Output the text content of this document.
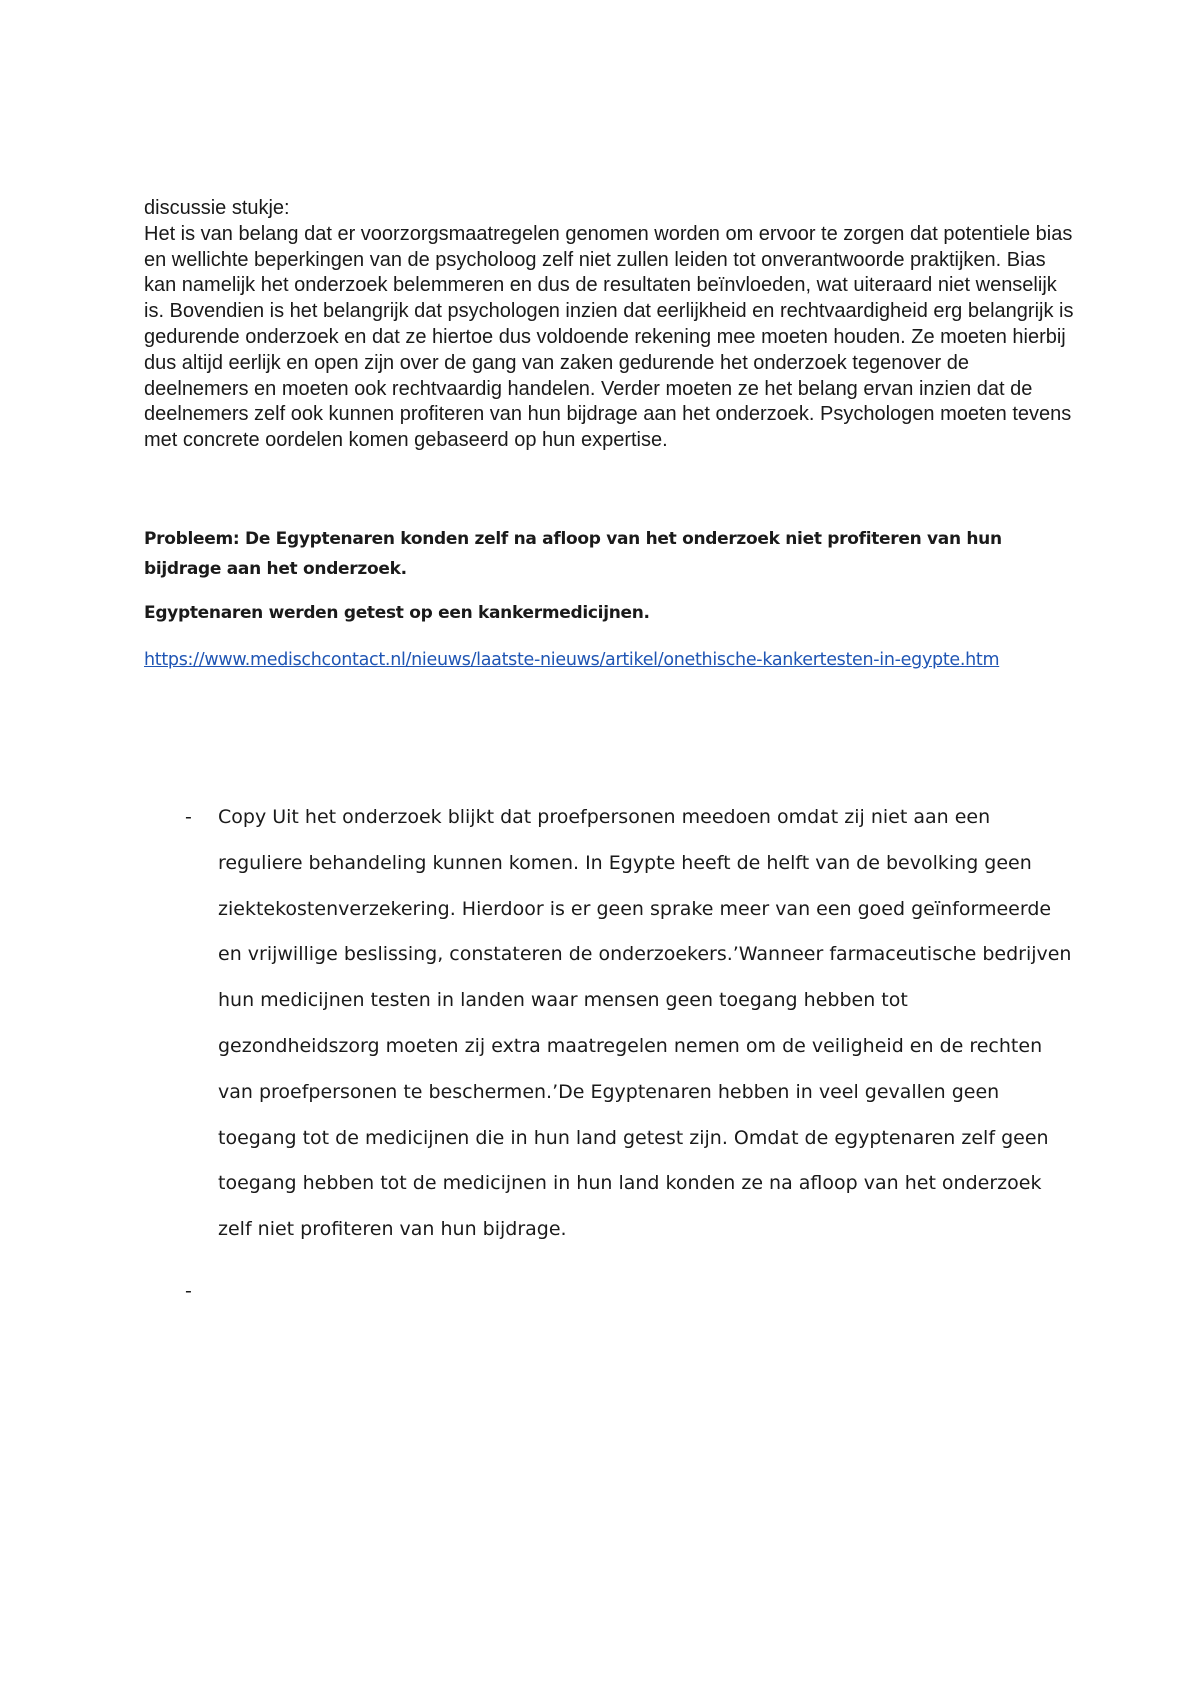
discussie stukje:

Het is van belang dat er voorzorgsmaatregelen genomen worden om ervoor te zorgen dat potentiele bias en wellichte beperkingen van de psycholoog zelf niet zullen leiden tot onverantwoorde praktijken. Bias kan namelijk het onderzoek belemmeren en dus de resultaten beïnvloeden, wat uiteraard niet wenselijk is. Bovendien is het belangrijk dat psychologen inzien dat eerlijkheid en rechtvaardigheid erg belangrijk is gedurende onderzoek en dat ze hiertoe dus voldoende rekening mee moeten houden. Ze moeten hierbij dus altijd eerlijk en open zijn over de gang van zaken gedurende het onderzoek tegenover de deelnemers en moeten ook rechtvaardig handelen. Verder moeten ze het belang ervan inzien dat de deelnemers zelf ook kunnen profiteren van hun bijdrage aan het onderzoek. Psychologen moeten tevens met concrete oordelen komen gebaseerd op hun expertise.

Probleem: De Egyptenaren konden zelf na afloop van het onderzoek niet profiteren van hun bijdrage aan het onderzoek.

Egyptenaren werden getest op een kankermedicijnen.

https://www.medischcontact.nl/nieuws/laatste-nieuws/artikel/onethische-kankertesten-in-egypte.htm
- Copy Uit het onderzoek blijkt dat proefpersonen meedoen omdat zij niet aan een reguliere behandeling kunnen komen. In Egypte heeft de helft van de bevolking geen ziektekostenverzekering. Hierdoor is er geen sprake meer van een goed geïnformeerde en vrijwillige beslissing, constateren de onderzoekers.’Wanneer farmaceutische bedrijven hun medicijnen testen in landen waar mensen geen toegang hebben tot gezondheidszorg moeten zij extra maatregelen nemen om de veiligheid en de rechten van proefpersonen te beschermen.’De Egyptenaren hebben in veel gevallen geen toegang tot de medicijnen die in hun land getest zijn. Omdat de egyptenaren zelf geen toegang hebben tot de medicijnen in hun land konden ze na afloop van het onderzoek zelf niet profiteren van hun bijdrage.
-
